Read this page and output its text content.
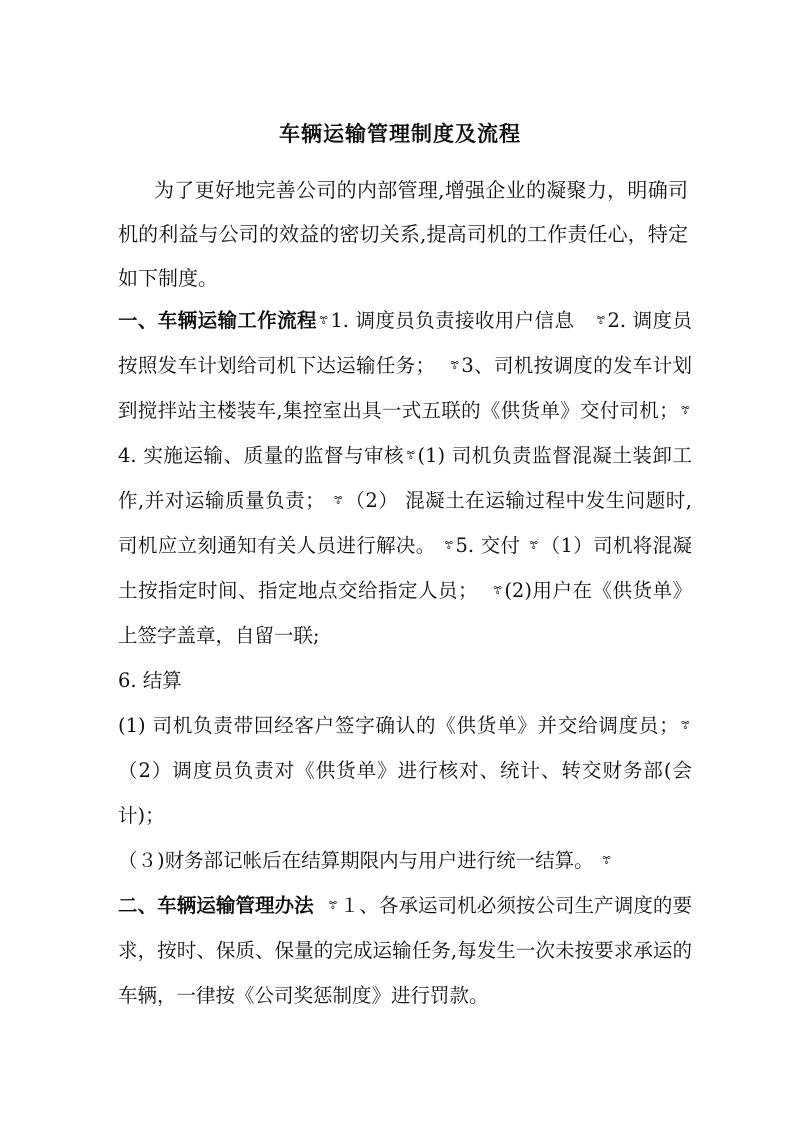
车辆运输管理制度及流程
为了更好地完善公司的内部管理,增强企业的凝聚力，明确司机的利益与公司的效益的密切关系,提高司机的工作责任心，特定如下制度。

一、车辆运输工作流程 ꔅ 1. 调度员负责接收用户信息 ꔅ 2. 调度员按照发车计划给司机下达运输任务； ꔅ 3、司机按调度的发车计划到搅拌站主楼装车,集控室出具一式五联的《供货单》交付司机； ꔅ4. 实施运输、质量的监督与审核 ꔅ (1) 司机负责监督混凝土装卸工作,并对运输质量负责； ꔅ （2） 混凝土在运输过程中发生问题时,司机应立刻通知有关人员进行解决。 ꔅ 5. 交付 ꔅ （1）司机将混凝土按指定时间、指定地点交给指定人员； ꔅ (2)用户在《供货单》上签字盖章，自留一联;

6. 结算

(1) 司机负责带回经客户签字确认的《供货单》并交给调度员； ꔅ（2）调度员负责对《供货单》进行核对、统计、转交财务部(会计)；

（３)财务部记帐后在结算期限内与用户进行统一结算。 ꔅ

二、车辆运输管理办法 ꔅ １、各承运司机必须按公司生产调度的要求，按时、保质、保量的完成运输任务,每发生一次未按要求承运的车辆，一律按《公司奖惩制度》进行罚款。
